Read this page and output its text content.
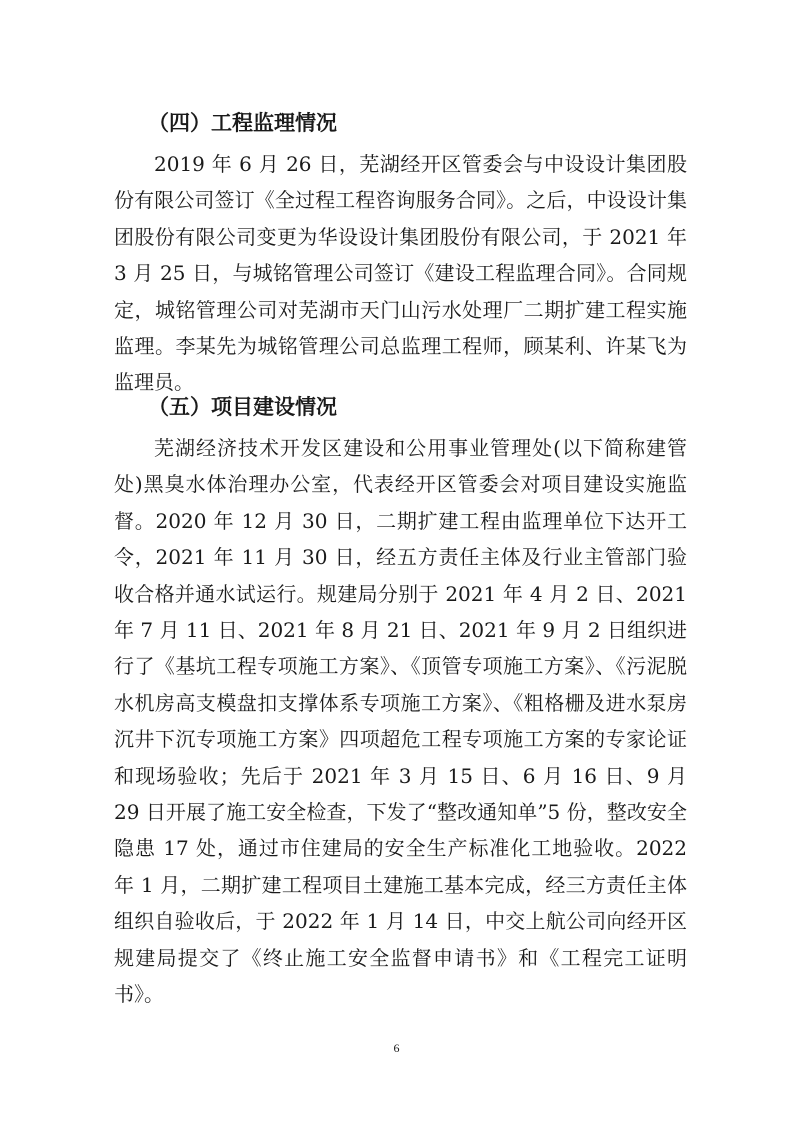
（四）工程监理情况

2019 年 6 月 26 日，芜湖经开区管委会与中设设计集团股份有限公司签订《全过程工程咨询服务合同》。之后，中设设计集团股份有限公司变更为华设设计集团股份有限公司，于 2021 年 3 月 25 日，与城铭管理公司签订《建设工程监理合同》。合同规定，城铭管理公司对芜湖市天门山污水处理厂二期扩建工程实施监理。李某先为城铭管理公司总监理工程师，顾某利、许某飞为监理员。

（五）项目建设情况

芜湖经济技术开发区建设和公用事业管理处(以下简称建管处)黑臭水体治理办公室，代表经开区管委会对项目建设实施监督。2020 年 12 月 30 日，二期扩建工程由监理单位下达开工令，2021 年 11 月 30 日，经五方责任主体及行业主管部门验收合格并通水试运行。规建局分别于 2021 年 4 月 2 日、2021 年 7 月 11 日、2021 年 8 月 21 日、2021 年 9 月 2 日组织进行了《基坑工程专项施工方案》、《顶管专项施工方案》、《污泥脱水机房高支模盘扣支撑体系专项施工方案》、《粗格栅及进水泵房沉井下沉专项施工方案》四项超危工程专项施工方案的专家论证和现场验收；先后于 2021 年 3 月 15 日、6 月 16 日、9 月 29 日开展了施工安全检查，下发了“整改通知单”5 份，整改安全隐患 17 处，通过市住建局的安全生产标准化工地验收。2022 年 1 月，二期扩建工程项目土建施工基本完成，经三方责任主体组织自验收后，于 2022 年 1 月 14 日，中交上航公司向经开区规建局提交了《终止施工安全监督申请书》和《工程完工证明书》。

6
